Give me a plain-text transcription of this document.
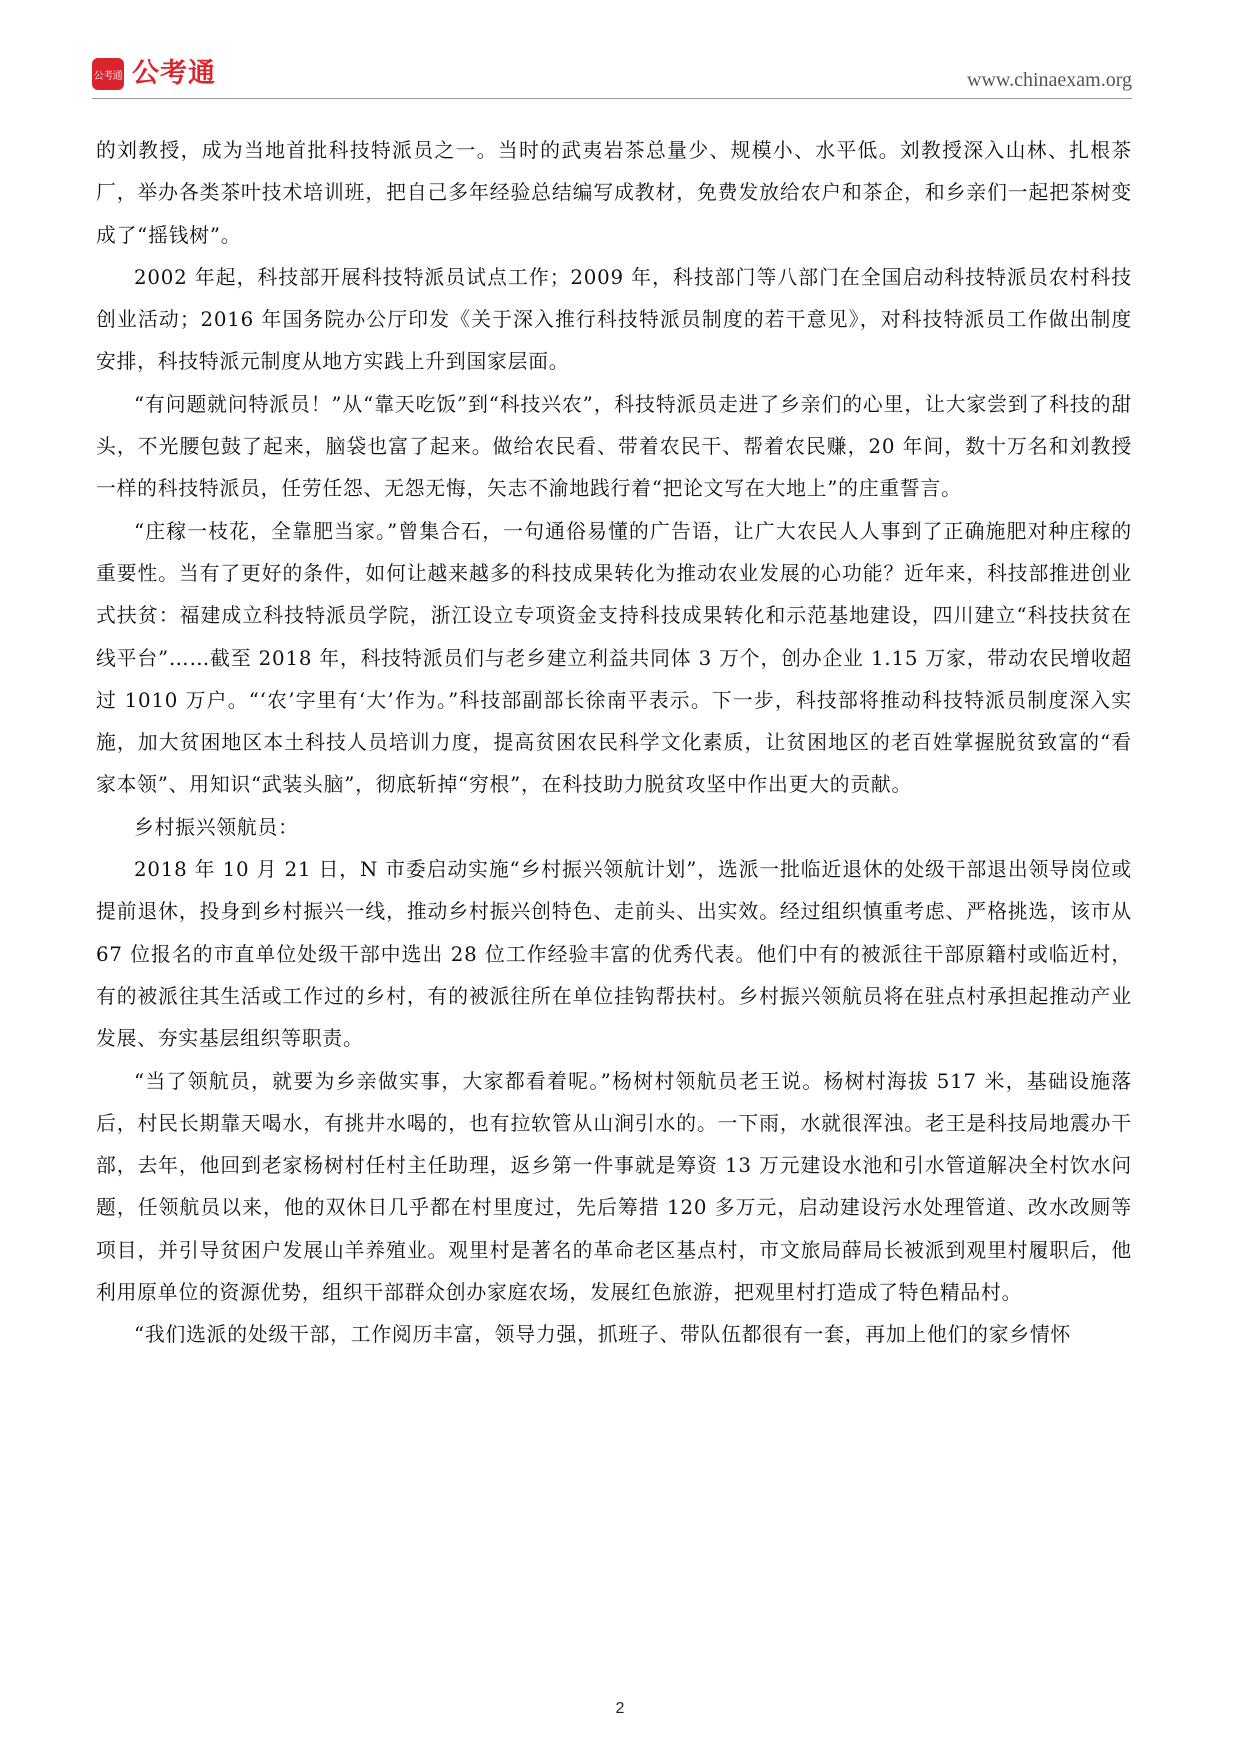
公考通 公考通	www.chinaexam.org

的刘教授，成为当地首批科技特派员之一。当时的武夷岩茶总量少、规模小、水平低。刘教授深入山林、扎根茶厂，举办各类茶叶技术培训班，把自己多年经验总结编写成教材，免费发放给农户和茶企，和乡亲们一起把茶树变成了“摇钱树”。

2002 年起，科技部开展科技特派员试点工作；2009 年，科技部门等八部门在全国启动科技特派员农村科技创业活动；2016 年国务院办公厅印发《关于深入推行科技特派员制度的若干意见》，对科技特派员工作做出制度安排，科技特派元制度从地方实践上升到国家层面。

“有问题就问特派员！”从“靠天吃饭”到“科技兴农”，科技特派员走进了乡亲们的心里，让大家尝到了科技的甜头，不光腰包鼓了起来，脑袋也富了起来。做给农民看、带着农民干、帮着农民赚，20 年间，数十万名和刘教授一样的科技特派员，任劳任怨、无怨无悔，矢志不渝地践行着“把论文写在大地上”的庄重誓言。

“庄稼一枝花，全靠肥当家。”曾集合石，一句通俗易懂的广告语，让广大农民人人事到了正确施肥对种庄稼的重要性。当有了更好的条件，如何让越来越多的科技成果转化为推动农业发展的心功能？近年来，科技部推进创业式扶贫：福建成立科技特派员学院，浙江设立专项资金支持科技成果转化和示范基地建设，四川建立“科技扶贫在线平台”……截至 2018 年，科技特派员们与老乡建立利益共同体 3 万个，创办企业 1.15 万家，带动农民增收超过 1010 万户。“‘农’字里有‘大’作为。”科技部副部长徐南平表示。下一步，科技部将推动科技特派员制度深入实施，加大贫困地区本土科技人员培训力度，提高贫困农民科学文化素质，让贫困地区的老百姓掌握脱贫致富的“看家本领”、用知识“武装头脑”，彻底斩掉“穷根”，在科技助力脱贫攻坚中作出更大的贡献。

乡村振兴领航员：

2018 年 10 月 21 日，N 市委启动实施“乡村振兴领航计划”，选派一批临近退休的处级干部退出领导岗位或提前退休，投身到乡村振兴一线，推动乡村振兴创特色、走前头、出实效。经过组织慎重考虑、严格挑选，该市从 67 位报名的市直单位处级干部中选出 28 位工作经验丰富的优秀代表。他们中有的被派往干部原籍村或临近村，有的被派往其生活或工作过的乡村，有的被派往所在单位挂钩帮扶村。乡村振兴领航员将在驻点村承担起推动产业发展、夯实基层组织等职责。

“当了领航员，就要为乡亲做实事，大家都看着呢。”杨树村领航员老王说。杨树村海拔 517 米，基础设施落后，村民长期靠天喝水，有挑井水喝的，也有拉软管从山涧引水的。一下雨，水就很浑浊。老王是科技局地震办干部，去年，他回到老家杨树村任村主任助理，返乡第一件事就是筹资 13 万元建设水池和引水管道解决全村饮水问题，任领航员以来，他的双休日几乎都在村里度过，先后筹措 120 多万元，启动建设污水处理管道、改水改厕等项目，并引导贫困户发展山羊养殖业。观里村是著名的革命老区基点村，市文旅局薛局长被派到观里村履职后，他利用原单位的资源优势，组织干部群众创办家庭农场，发展红色旅游，把观里村打造成了特色精品村。

“我们选派的处级干部，工作阅历丰富，领导力强，抓班子、带队伍都很有一套，再加上他们的家乡情怀

2
